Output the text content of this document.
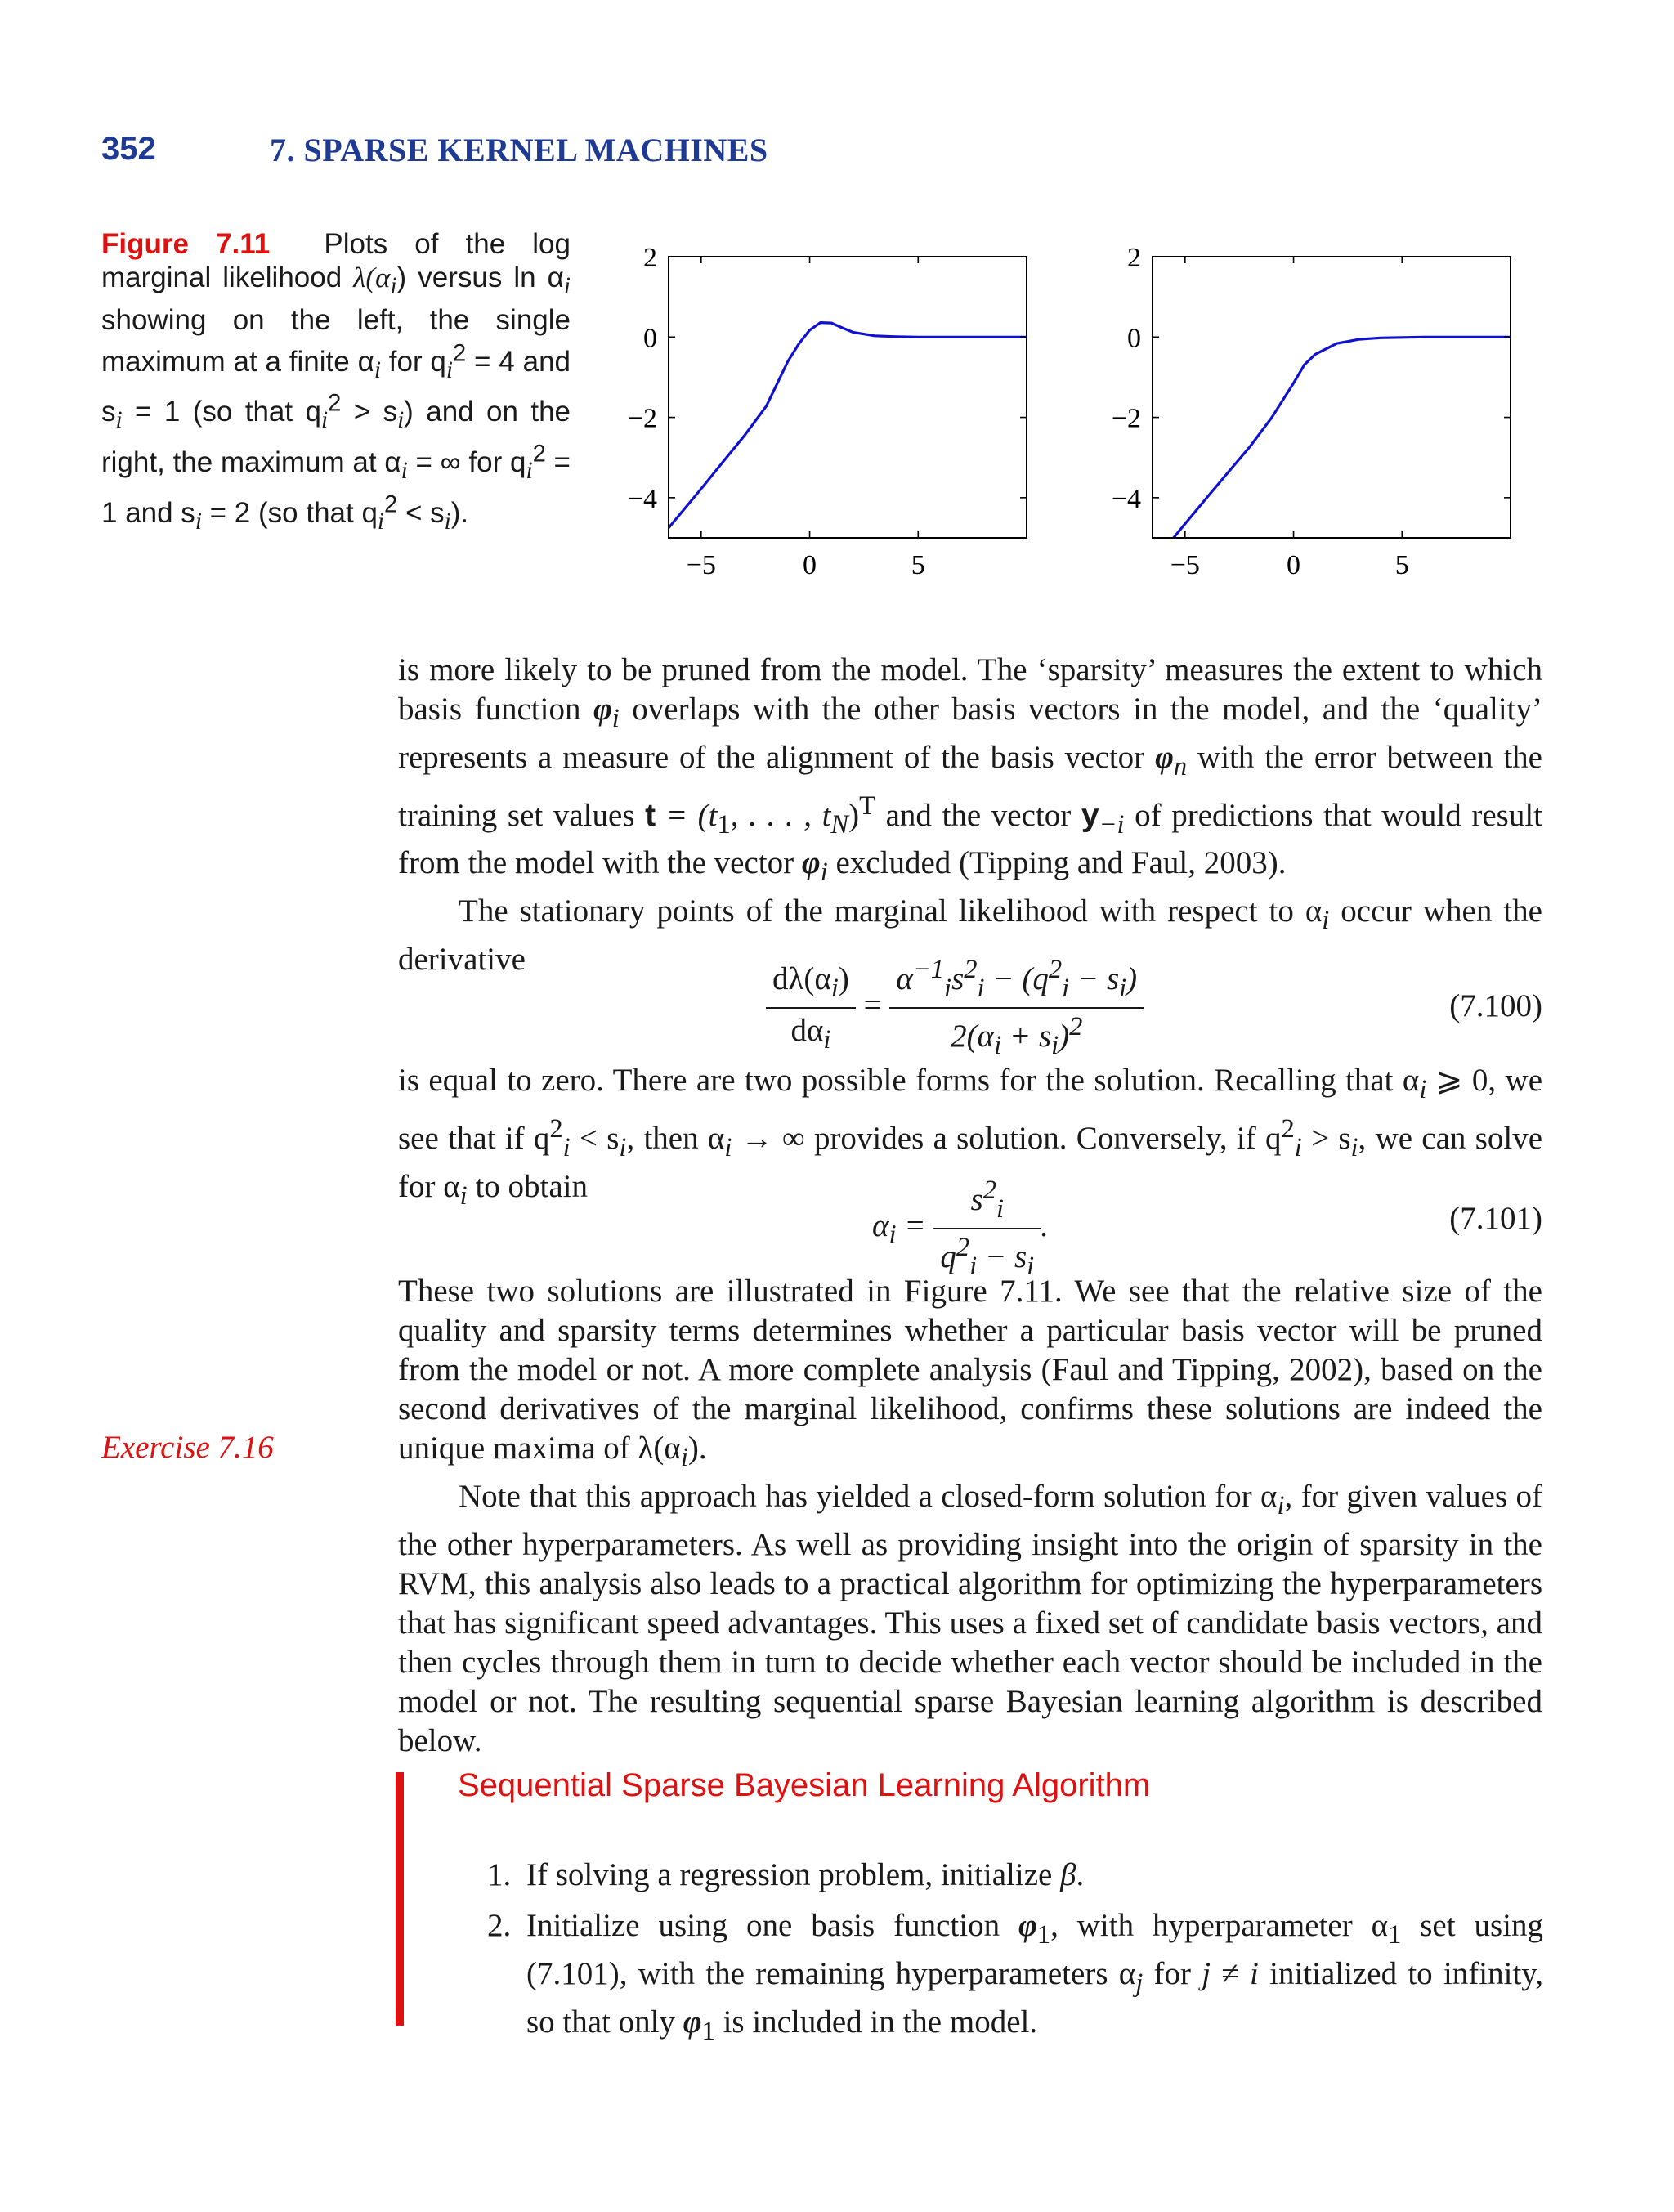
352	7. SPARSE KERNEL MACHINES
Figure 7.11 Plots of the log marginal likelihood $\lambda(\alpha_i)$ versus $\ln \alpha_i$ showing on the left, the single maximum at a finite $\alpha_i$ for $q_i^2 = 4$ and $s_i = 1$ (so that $q_i^2 > s_i$) and on the right, the maximum at $\alpha_i$ = ∞ for $q_i^2 = 1$ and $s_i = 2$ (so that $q_i^2 < s_i$).
−5	0	5
2
0
−2
−4
−5	0	5
2
0
−2
−4

is more likely to be pruned from the model. The ‘sparsity’ measures the extent to which basis function $\varphi_i$ overlaps with the other basis vectors in the model, and the ‘quality’ represents a measure of the alignment of the basis vector $\varphi_n$ with the error between the training set values $t = (t_1$, . . . , $t_N)^T$ and the vector $y_{-i}$ of predictions that would result from the model with the vector $\varphi_i$ excluded (Tipping and Faul, 2003).

The stationary points of the marginal likelihood with respect to $\alpha_i$ occur when the derivative

$\frac{d\lambda(\alpha_i)}{d\alpha_i} = \frac{\alpha^{-1}_is^2_i - (q^2_i - s_i)}{2(\alpha_i + s_i)^2}$	(7.100)

is equal to zero. There are two possible forms for the solution. Recalling that $\alpha_i$ ⩾ 0, we see that if $q^2_i < s_i$, then $\alpha_i$ → ∞ provides a solution. Conversely, if $q^2_i > s_i$, we can solve for $\alpha_i$ to obtain

$\alpha_i = \frac{s^2_i}{q^2_i - s_i}$ .	(7.101)

These two solutions are illustrated in Figure 7.11. We see that the relative size of the quality and sparsity terms determines whether a particular basis vector will be pruned from the model or not. A more complete analysis (Faul and Tipping, 2002), based on the second derivatives of the marginal likelihood, confirms these solutions are indeed the unique maxima of $\lambda(\alpha_i)$.

Note that this approach has yielded a closed-form solution for $\alpha_i$, for given values of the other hyperparameters. As well as providing insight into the origin of sparsity in the RVM, this analysis also leads to a practical algorithm for optimizing the hyperparameters that has significant speed advantages. This uses a fixed set of candidate basis vectors, and then cycles through them in turn to decide whether each vector should be included in the model or not. The resulting sequential sparse Bayesian learning algorithm is described below.

Exercise 7.16
Sequential Sparse Bayesian Learning Algorithm
1. If solving a regression problem, initialize β.
2. Initialize using one basis function $\varphi_1$, with hyperparameter $\alpha_1$ set using (7.101), with the remaining hyperparameters $\alpha_j$ for j ≠ i initialized to infinity, so that only $\varphi_1$ is included in the model.
